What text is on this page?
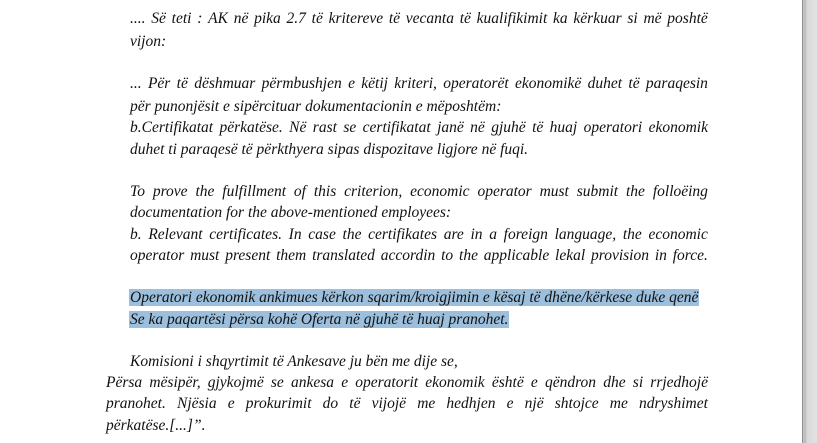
.... Së teti : AK në pika 2.7 të kritereve të vecanta të kualifikimit ka kërkuar si më poshtë
vijon:
... Për të dëshmuar përmbushjen e këtij kriteri, operatorët ekonomikë duhet të paraqesin
për punonjësit e sipërcituar dokumentacionin e mëposhtëm:
b.Certifikatat përkatëse. Në rast se certifikatat janë në gjuhë të huaj operatori ekonomik
duhet ti paraqesë të përkthyera sipas dispozitave ligjore në fuqi.
To prove the fulfillment of this criterion, economic operator must submit the folloëing
documentation for the above-mentioned employees:
b. Relevant certificates. In case the certifikates are in a foreign language, the economic
operator must present them translated accordin to the applicable lekal provision in force.
Operatori ekonomik ankimues kërkon sqarim/kroigjimin e kësaj të dhëne/kërkese duke qenë
Se ka paqartësi përsa kohë Oferta në gjuhë të huaj pranohet.
Komisioni i shqyrtimit të Ankesave ju bën me dije se,
Përsa mësipër, gjykojmë se ankesa e operatorit ekonomik është e qëndron dhe si rrjedhojë
pranohet. Njësia e prokurimit do të vijojë me hedhjen e një shtojce me ndryshimet
përkatëse.[...]”.
